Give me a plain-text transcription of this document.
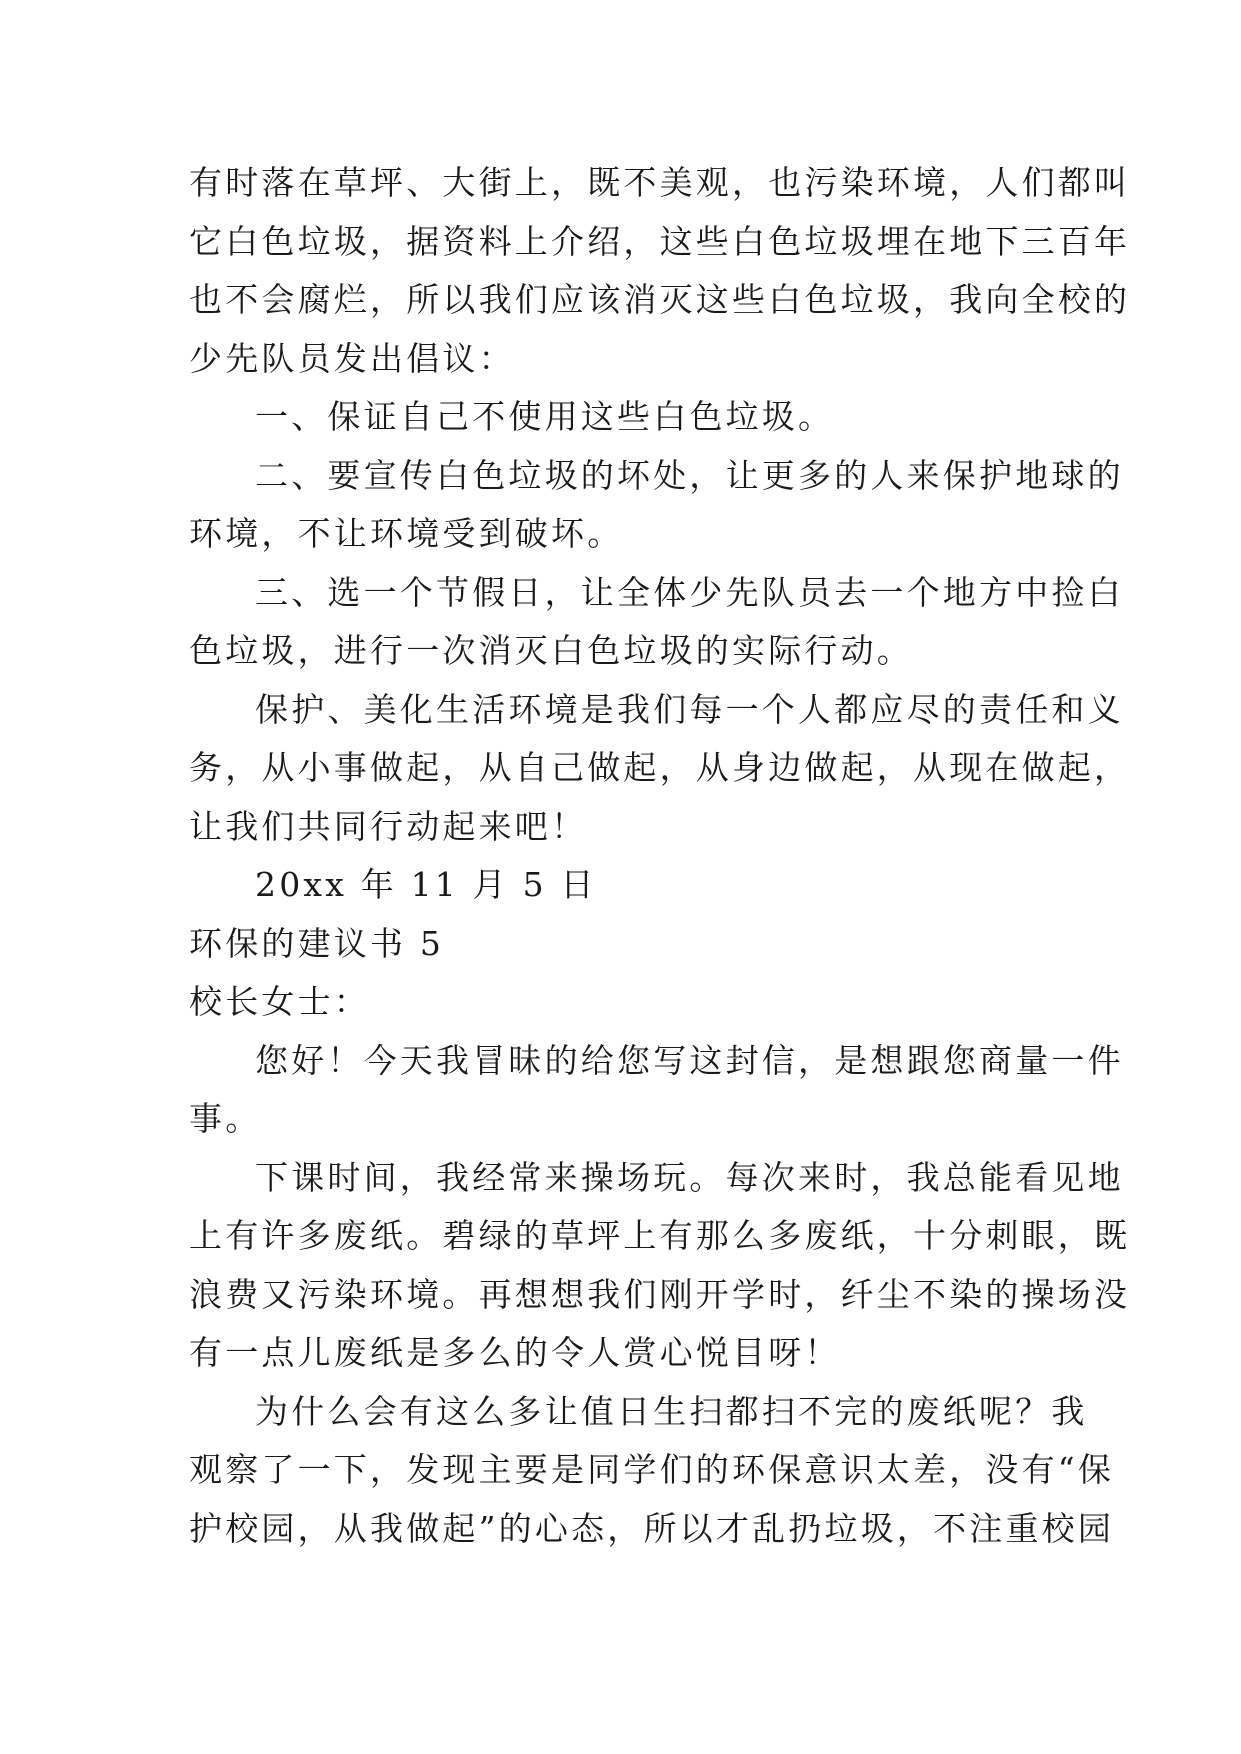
有时落在草坪、大街上，既不美观，也污染环境，人们都叫
它白色垃圾，据资料上介绍，这些白色垃圾埋在地下三百年
也不会腐烂，所以我们应该消灭这些白色垃圾，我向全校的
少先队员发出倡议：
一、保证自己不使用这些白色垃圾。
二、要宣传白色垃圾的坏处，让更多的人来保护地球的
环境，不让环境受到破坏。
三、选一个节假日，让全体少先队员去一个地方中捡白
色垃圾，进行一次消灭白色垃圾的实际行动。
保护、美化生活环境是我们每一个人都应尽的责任和义
务，从小事做起，从自己做起，从身边做起，从现在做起，
让我们共同行动起来吧！
20xx 年 11 月 5 日
环保的建议书 5
校长女士：
您好！今天我冒昧的给您写这封信，是想跟您商量一件
事。
下课时间，我经常来操场玩。每次来时，我总能看见地
上有许多废纸。碧绿的草坪上有那么多废纸，十分刺眼，既
浪费又污染环境。再想想我们刚开学时，纤尘不染的操场没
有一点儿废纸是多么的令人赏心悦目呀！
为什么会有这么多让值日生扫都扫不完的废纸呢？我
观察了一下，发现主要是同学们的环保意识太差，没有“保
护校园，从我做起”的心态，所以才乱扔垃圾，不注重校园
